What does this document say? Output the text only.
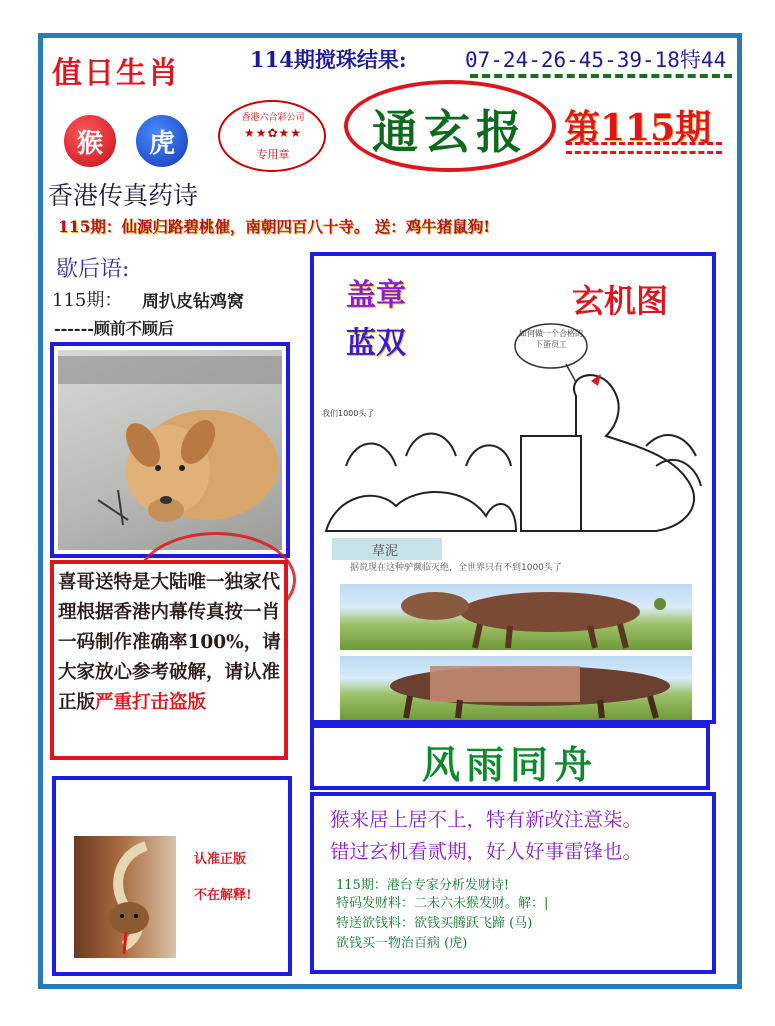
值日生肖	114期搅珠结果:	07-24-26-45-39-18特44
猴	虎
香港六合彩公司
★★✿★★
专用章	通玄报	第115期
香港传真药诗
115期：仙源归路碧桃催，南朝四百八十寺。 送：鸡牛猪鼠狗!
歇后语:
115期： 周扒皮钻鸡窝
------顾前不顾后
喜哥送特是大陆唯一独家代理根据香港内幕传真按一肖一码制作准确率100%，请大家放心参考破解，请认准正版严重打击盗版
认准正版
不在解释!
盖章
蓝双
玄机图
如何做一个合格的下蛋员工
我们1000头了
草泥
据说现在这种驴濒临灭绝，全世界只有不到1000头了
风雨同舟
猴来居上居不上，特有新改注意柒。
错过玄机看贰期，好人好事雷锋也。
115期：港台专家分析发财诗!
特码发财料：二未六未猴发财。解：|
特送欲钱料：欲钱买腾跃飞蹄 (马)
欲钱买一物治百病 (虎)
